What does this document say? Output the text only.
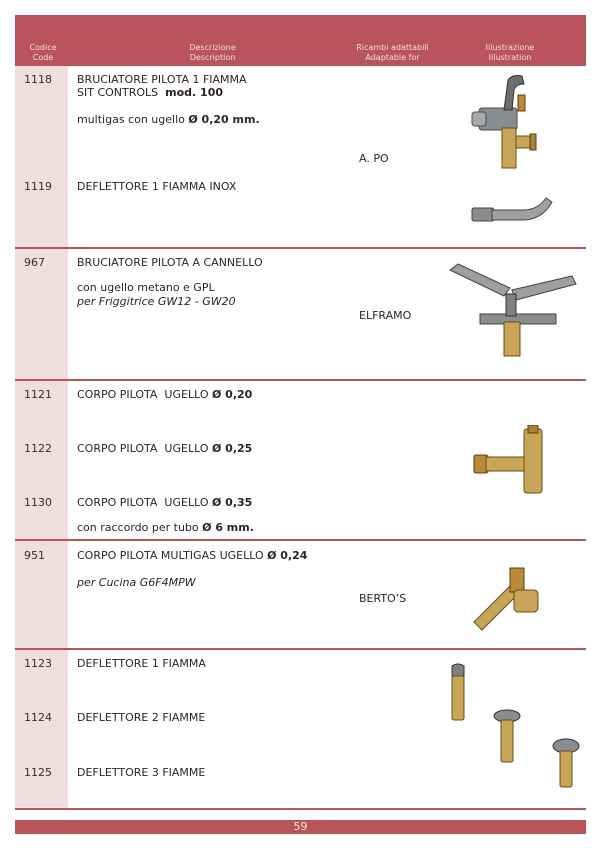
Codice
Code
Descrizione
Description
Ricambi adattabili
Adaptable for
Illustrazione
Illustration
1118 BRUCIATORE PILOTA 1 FIAMMA
SIT CONTROLS  mod. 100
multigas con ugello Ø 0,20 mm.
A. PO
1119 DEFLETTORE 1 FIAMMA INOX
967	BRUCIATORE PILOTA A CANNELLO
con ugello metano e GPL
per Friggitrice GW12 - GW20
ELFRAMO
1121 CORPO PILOTA  UGELLO Ø 0,20
1122 CORPO PILOTA  UGELLO Ø 0,25
1130 CORPO PILOTA  UGELLO Ø 0,35
con raccordo per tubo Ø 6 mm.
951	CORPO PILOTA MULTIGAS UGELLO Ø 0,24
per Cucina G6F4MPW
BERTO’S
1123 DEFLETTORE 1 FIAMMA
1124 DEFLETTORE 2 FIAMME
1125 DEFLETTORE 3 FIAMME
59
